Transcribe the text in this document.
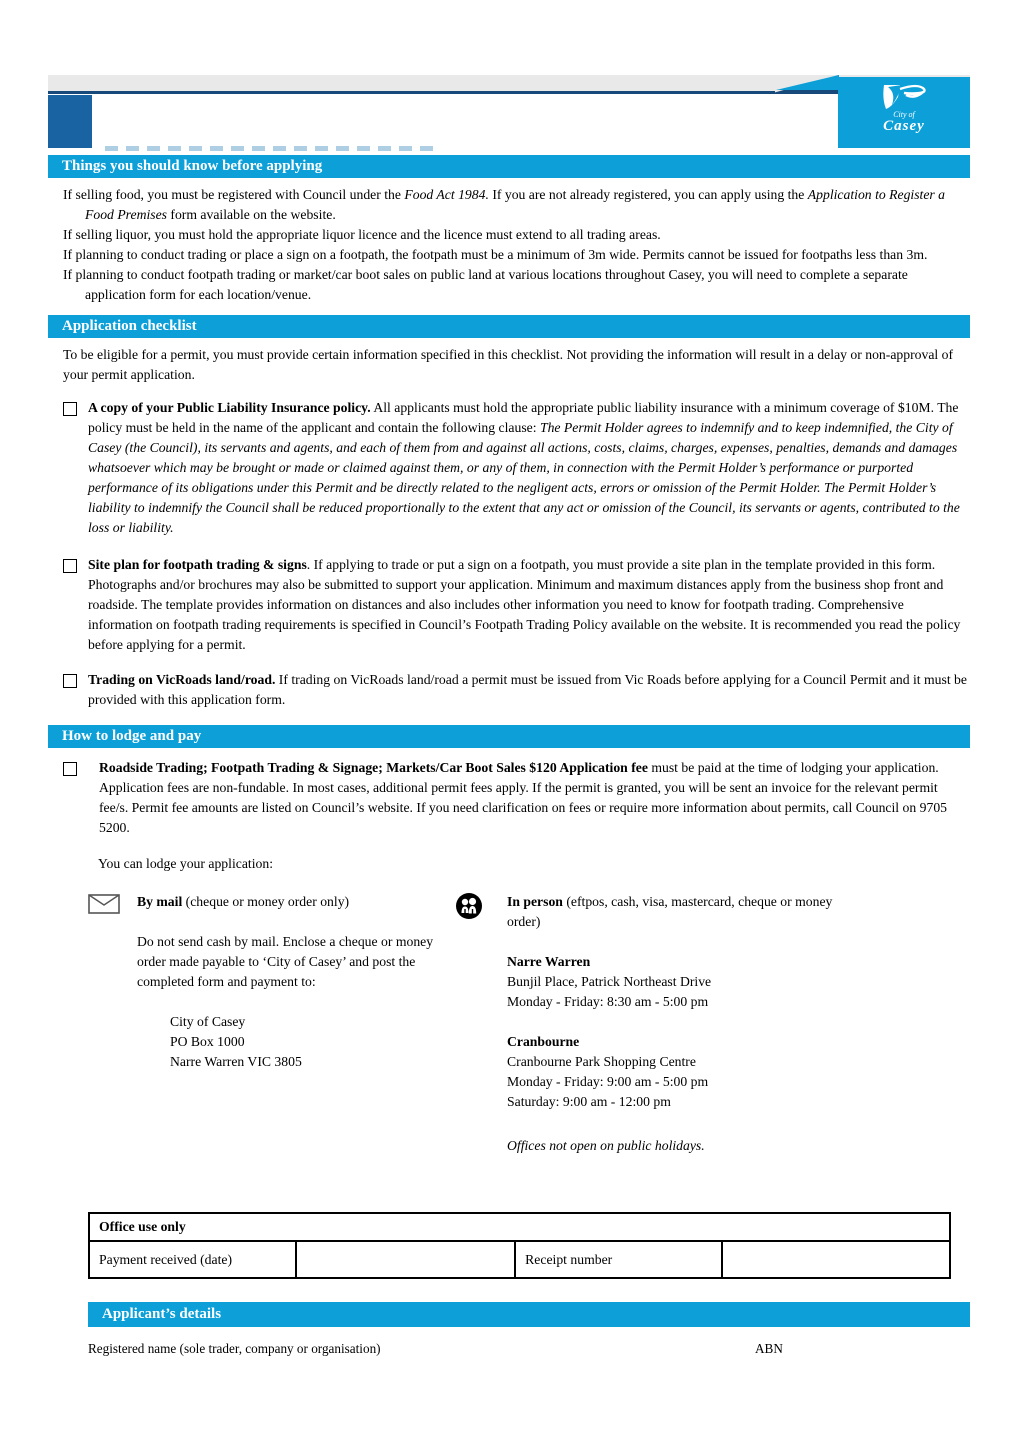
City of
Casey
Things you should know before applying

If selling food, you must be registered with Council under the Food Act 1984. If you are not already registered, you can apply using the Application to Register a Food Premises form available on the website.

If selling liquor, you must hold the appropriate liquor licence and the licence must extend to all trading areas.

If planning to conduct trading or place a sign on a footpath, the footpath must be a minimum of 3m wide. Permits cannot be issued for footpaths less than 3m.

If planning to conduct footpath trading or market/car boot sales on public land at various locations throughout Casey, you will need to complete a separate application form for each location/venue.

Application checklist
To be eligible for a permit, you must provide certain information specified in this checklist. Not providing the information will result in a delay or non-approval of your permit application.
A copy of your Public Liability Insurance policy. All applicants must hold the appropriate public liability insurance with a minimum coverage of $10M. The policy must be held in the name of the applicant and contain the following clause: The Permit Holder agrees to indemnify and to keep indemnified, the City of Casey (the Council), its servants and agents, and each of them from and against all actions, costs, claims, charges, expenses, penalties, demands and damages whatsoever which may be brought or made or claimed against them, or any of them, in connection with the Permit Holder’s performance or purported performance of its obligations under this Permit and be directly related to the negligent acts, errors or omission of the Permit Holder. The Permit Holder’s liability to indemnify the Council shall be reduced proportionally to the extent that any act or omission of the Council, its servants or agents, contributed to the loss or liability.
Site plan for footpath trading & signs. If applying to trade or put a sign on a footpath, you must provide a site plan in the template provided in this form. Photographs and/or brochures may also be submitted to support your application. Minimum and maximum distances apply from the business shop front and roadside. The template provides information on distances and also includes other information you need to know for footpath trading. Comprehensive information on footpath trading requirements is specified in Council’s Footpath Trading Policy available on the website. It is recommended you read the policy before applying for a permit.
Trading on VicRoads land/road. If trading on VicRoads land/road a permit must be issued from Vic Roads before applying for a Council Permit and it must be provided with this application form.
How to lodge and pay
Roadside Trading; Footpath Trading & Signage; Markets/Car Boot Sales $120 Application fee must be paid at the time of lodging your application. Application fees are non-fundable. In most cases, additional permit fees apply. If the permit is granted, you will be sent an invoice for the relevant permit fee/s. Permit fee amounts are listed on Council’s website. If you need clarification on fees or require more information about permits, call Council on 9705 5200.
You can lodge your application:
By mail (cheque or money order only)
Do not send cash by mail. Enclose a cheque or money order made payable to ‘City of Casey’ and post the completed form and payment to:
City of Casey
PO Box 1000
Narre Warren VIC 3805
In person (eftpos, cash, visa, mastercard, cheque or money order)
Narre Warren
Bunjil Place, Patrick Northeast Drive
Monday - Friday: 8:30 am - 5:00 pm
Cranbourne
Cranbourne Park Shopping Centre
Monday - Friday: 9:00 am - 5:00 pm
Saturday: 9:00 am - 12:00 pm
Offices not open on public holidays.
Office use only
Payment received (date)		Receipt number	
Applicant’s details
Registered name (sole trader, company or organisation)	ABN
